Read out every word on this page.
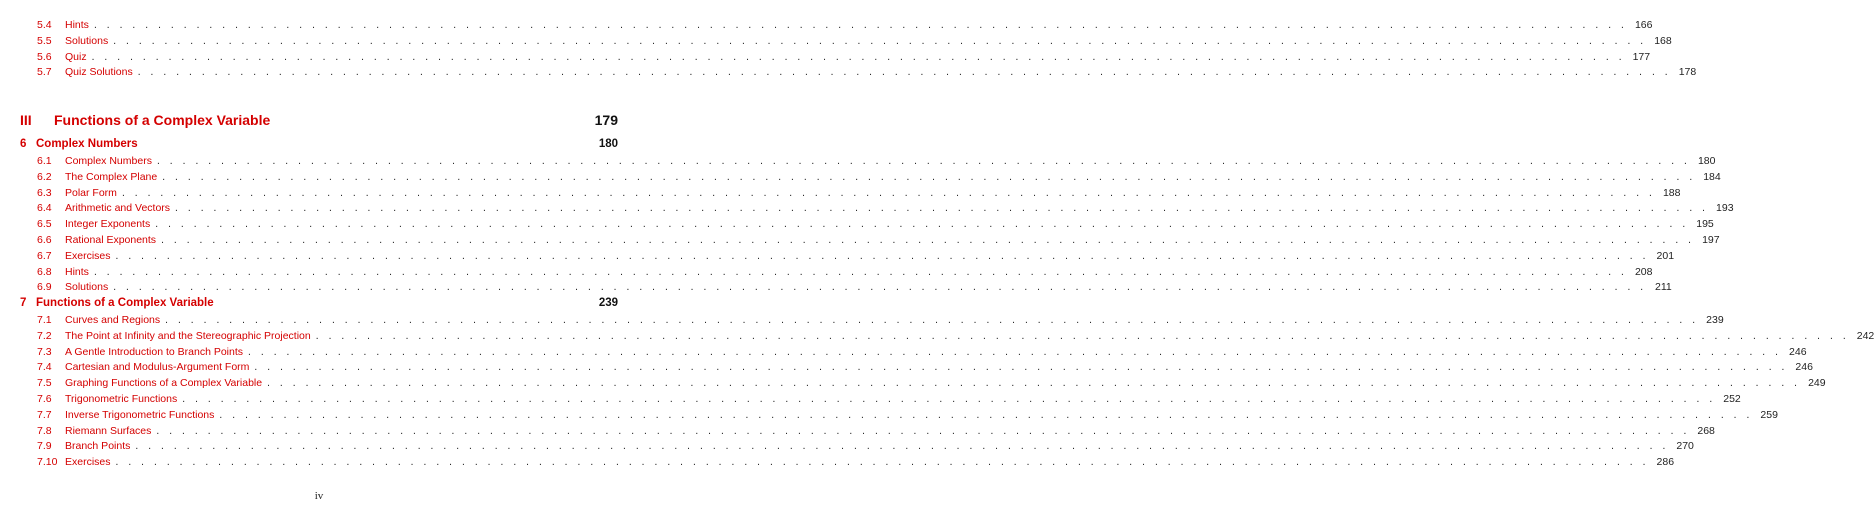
5.4	Hints . . . . . . . . . . . . . . . . . . . . . . . . . . . . . . . . . . . . . . . . . . . . . . . . . . . . . . . . . . . . . . . . . . . . . . . . . . . . . . . . . . . . . . . . . . . . . . . . . . . . . . . . . . . . . . . . . . . . . . . . 166
5.5	Solutions . . . . . . . . . . . . . . . . . . . . . . . . . . . . . . . . . . . . . . . . . . . . . . . . . . . . . . . . . . . . . . . . . . . . . . . . . . . . . . . . . . . . . . . . . . . . . . . . . . . . . . . . . . . . . . . . . . . . . . . . 168
5.6	Quiz . . . . . . . . . . . . . . . . . . . . . . . . . . . . . . . . . . . . . . . . . . . . . . . . . . . . . . . . . . . . . . . . . . . . . . . . . . . . . . . . . . . . . . . . . . . . . . . . . . . . . . . . . . . . . . . . . . . . . . . . 177
5.7	Quiz Solutions . . . . . . . . . . . . . . . . . . . . . . . . . . . . . . . . . . . . . . . . . . . . . . . . . . . . . . . . . . . . . . . . . . . . . . . . . . . . . . . . . . . . . . . . . . . . . . . . . . . . . . . . . . . . . . . . . . . . . . . . 178
III	Functions of a Complex Variable	179
6 Complex Numbers	180
6.1	Complex Numbers . . . . . . . . . . . . . . . . . . . . . . . . . . . . . . . . . . . . . . . . . . . . . . . . . . . . . . . . . . . . . . . . . . . . . . . . . . . . . . . . . . . . . . . . . . . . . . . . . . . . . . . . . . . . . . . . . . . . . . . . 180
6.2	The Complex Plane . . . . . . . . . . . . . . . . . . . . . . . . . . . . . . . . . . . . . . . . . . . . . . . . . . . . . . . . . . . . . . . . . . . . . . . . . . . . . . . . . . . . . . . . . . . . . . . . . . . . . . . . . . . . . . . . . . . . . . . . 184
6.3	Polar Form . . . . . . . . . . . . . . . . . . . . . . . . . . . . . . . . . . . . . . . . . . . . . . . . . . . . . . . . . . . . . . . . . . . . . . . . . . . . . . . . . . . . . . . . . . . . . . . . . . . . . . . . . . . . . . . . . . . . . . . . 188
6.4	Arithmetic and Vectors . . . . . . . . . . . . . . . . . . . . . . . . . . . . . . . . . . . . . . . . . . . . . . . . . . . . . . . . . . . . . . . . . . . . . . . . . . . . . . . . . . . . . . . . . . . . . . . . . . . . . . . . . . . . . . . . . . . . . . . . 193
6.5	Integer Exponents . . . . . . . . . . . . . . . . . . . . . . . . . . . . . . . . . . . . . . . . . . . . . . . . . . . . . . . . . . . . . . . . . . . . . . . . . . . . . . . . . . . . . . . . . . . . . . . . . . . . . . . . . . . . . . . . . . . . . . . . 195
6.6	Rational Exponents . . . . . . . . . . . . . . . . . . . . . . . . . . . . . . . . . . . . . . . . . . . . . . . . . . . . . . . . . . . . . . . . . . . . . . . . . . . . . . . . . . . . . . . . . . . . . . . . . . . . . . . . . . . . . . . . . . . . . . . . 197
6.7	Exercises . . . . . . . . . . . . . . . . . . . . . . . . . . . . . . . . . . . . . . . . . . . . . . . . . . . . . . . . . . . . . . . . . . . . . . . . . . . . . . . . . . . . . . . . . . . . . . . . . . . . . . . . . . . . . . . . . . . . . . . . 201
6.8	Hints . . . . . . . . . . . . . . . . . . . . . . . . . . . . . . . . . . . . . . . . . . . . . . . . . . . . . . . . . . . . . . . . . . . . . . . . . . . . . . . . . . . . . . . . . . . . . . . . . . . . . . . . . . . . . . . . . . . . . . . . 208
6.9	Solutions . . . . . . . . . . . . . . . . . . . . . . . . . . . . . . . . . . . . . . . . . . . . . . . . . . . . . . . . . . . . . . . . . . . . . . . . . . . . . . . . . . . . . . . . . . . . . . . . . . . . . . . . . . . . . . . . . . . . . . . . 211
7 Functions of a Complex Variable	239
7.1	Curves and Regions . . . . . . . . . . . . . . . . . . . . . . . . . . . . . . . . . . . . . . . . . . . . . . . . . . . . . . . . . . . . . . . . . . . . . . . . . . . . . . . . . . . . . . . . . . . . . . . . . . . . . . . . . . . . . . . . . . . . . . . . 239
7.2	The Point at Infinity and the Stereographic Projection . . . . . . . . . . . . . . . . . . . . . . . . . . . . . . . . . . . . . . . . . . . . . . . . . . . . . . . . . . . . . . . . . . . . . . . . . . . . . . . . . . . . . . . . . . . . . . . . . . . . . . . . . . . . . . . . . . . . . . . . 242
7.3	A Gentle Introduction to Branch Points . . . . . . . . . . . . . . . . . . . . . . . . . . . . . . . . . . . . . . . . . . . . . . . . . . . . . . . . . . . . . . . . . . . . . . . . . . . . . . . . . . . . . . . . . . . . . . . . . . . . . . . . . . . . . . . . . . . . . . . . 246
7.4	Cartesian and Modulus-Argument Form . . . . . . . . . . . . . . . . . . . . . . . . . . . . . . . . . . . . . . . . . . . . . . . . . . . . . . . . . . . . . . . . . . . . . . . . . . . . . . . . . . . . . . . . . . . . . . . . . . . . . . . . . . . . . . . . . . . . . . . . 246
7.5	Graphing Functions of a Complex Variable . . . . . . . . . . . . . . . . . . . . . . . . . . . . . . . . . . . . . . . . . . . . . . . . . . . . . . . . . . . . . . . . . . . . . . . . . . . . . . . . . . . . . . . . . . . . . . . . . . . . . . . . . . . . . . . . . . . . . . . . 249
7.6	Trigonometric Functions . . . . . . . . . . . . . . . . . . . . . . . . . . . . . . . . . . . . . . . . . . . . . . . . . . . . . . . . . . . . . . . . . . . . . . . . . . . . . . . . . . . . . . . . . . . . . . . . . . . . . . . . . . . . . . . . . . . . . . . . 252
7.7	Inverse Trigonometric Functions . . . . . . . . . . . . . . . . . . . . . . . . . . . . . . . . . . . . . . . . . . . . . . . . . . . . . . . . . . . . . . . . . . . . . . . . . . . . . . . . . . . . . . . . . . . . . . . . . . . . . . . . . . . . . . . . . . . . . . . . 259
7.8	Riemann Surfaces . . . . . . . . . . . . . . . . . . . . . . . . . . . . . . . . . . . . . . . . . . . . . . . . . . . . . . . . . . . . . . . . . . . . . . . . . . . . . . . . . . . . . . . . . . . . . . . . . . . . . . . . . . . . . . . . . . . . . . . . 268
7.9	Branch Points . . . . . . . . . . . . . . . . . . . . . . . . . . . . . . . . . . . . . . . . . . . . . . . . . . . . . . . . . . . . . . . . . . . . . . . . . . . . . . . . . . . . . . . . . . . . . . . . . . . . . . . . . . . . . . . . . . . . . . . . 270
7.10 Exercises . . . . . . . . . . . . . . . . . . . . . . . . . . . . . . . . . . . . . . . . . . . . . . . . . . . . . . . . . . . . . . . . . . . . . . . . . . . . . . . . . . . . . . . . . . . . . . . . . . . . . . . . . . . . . . . . . . . . . . . . 286
iv
